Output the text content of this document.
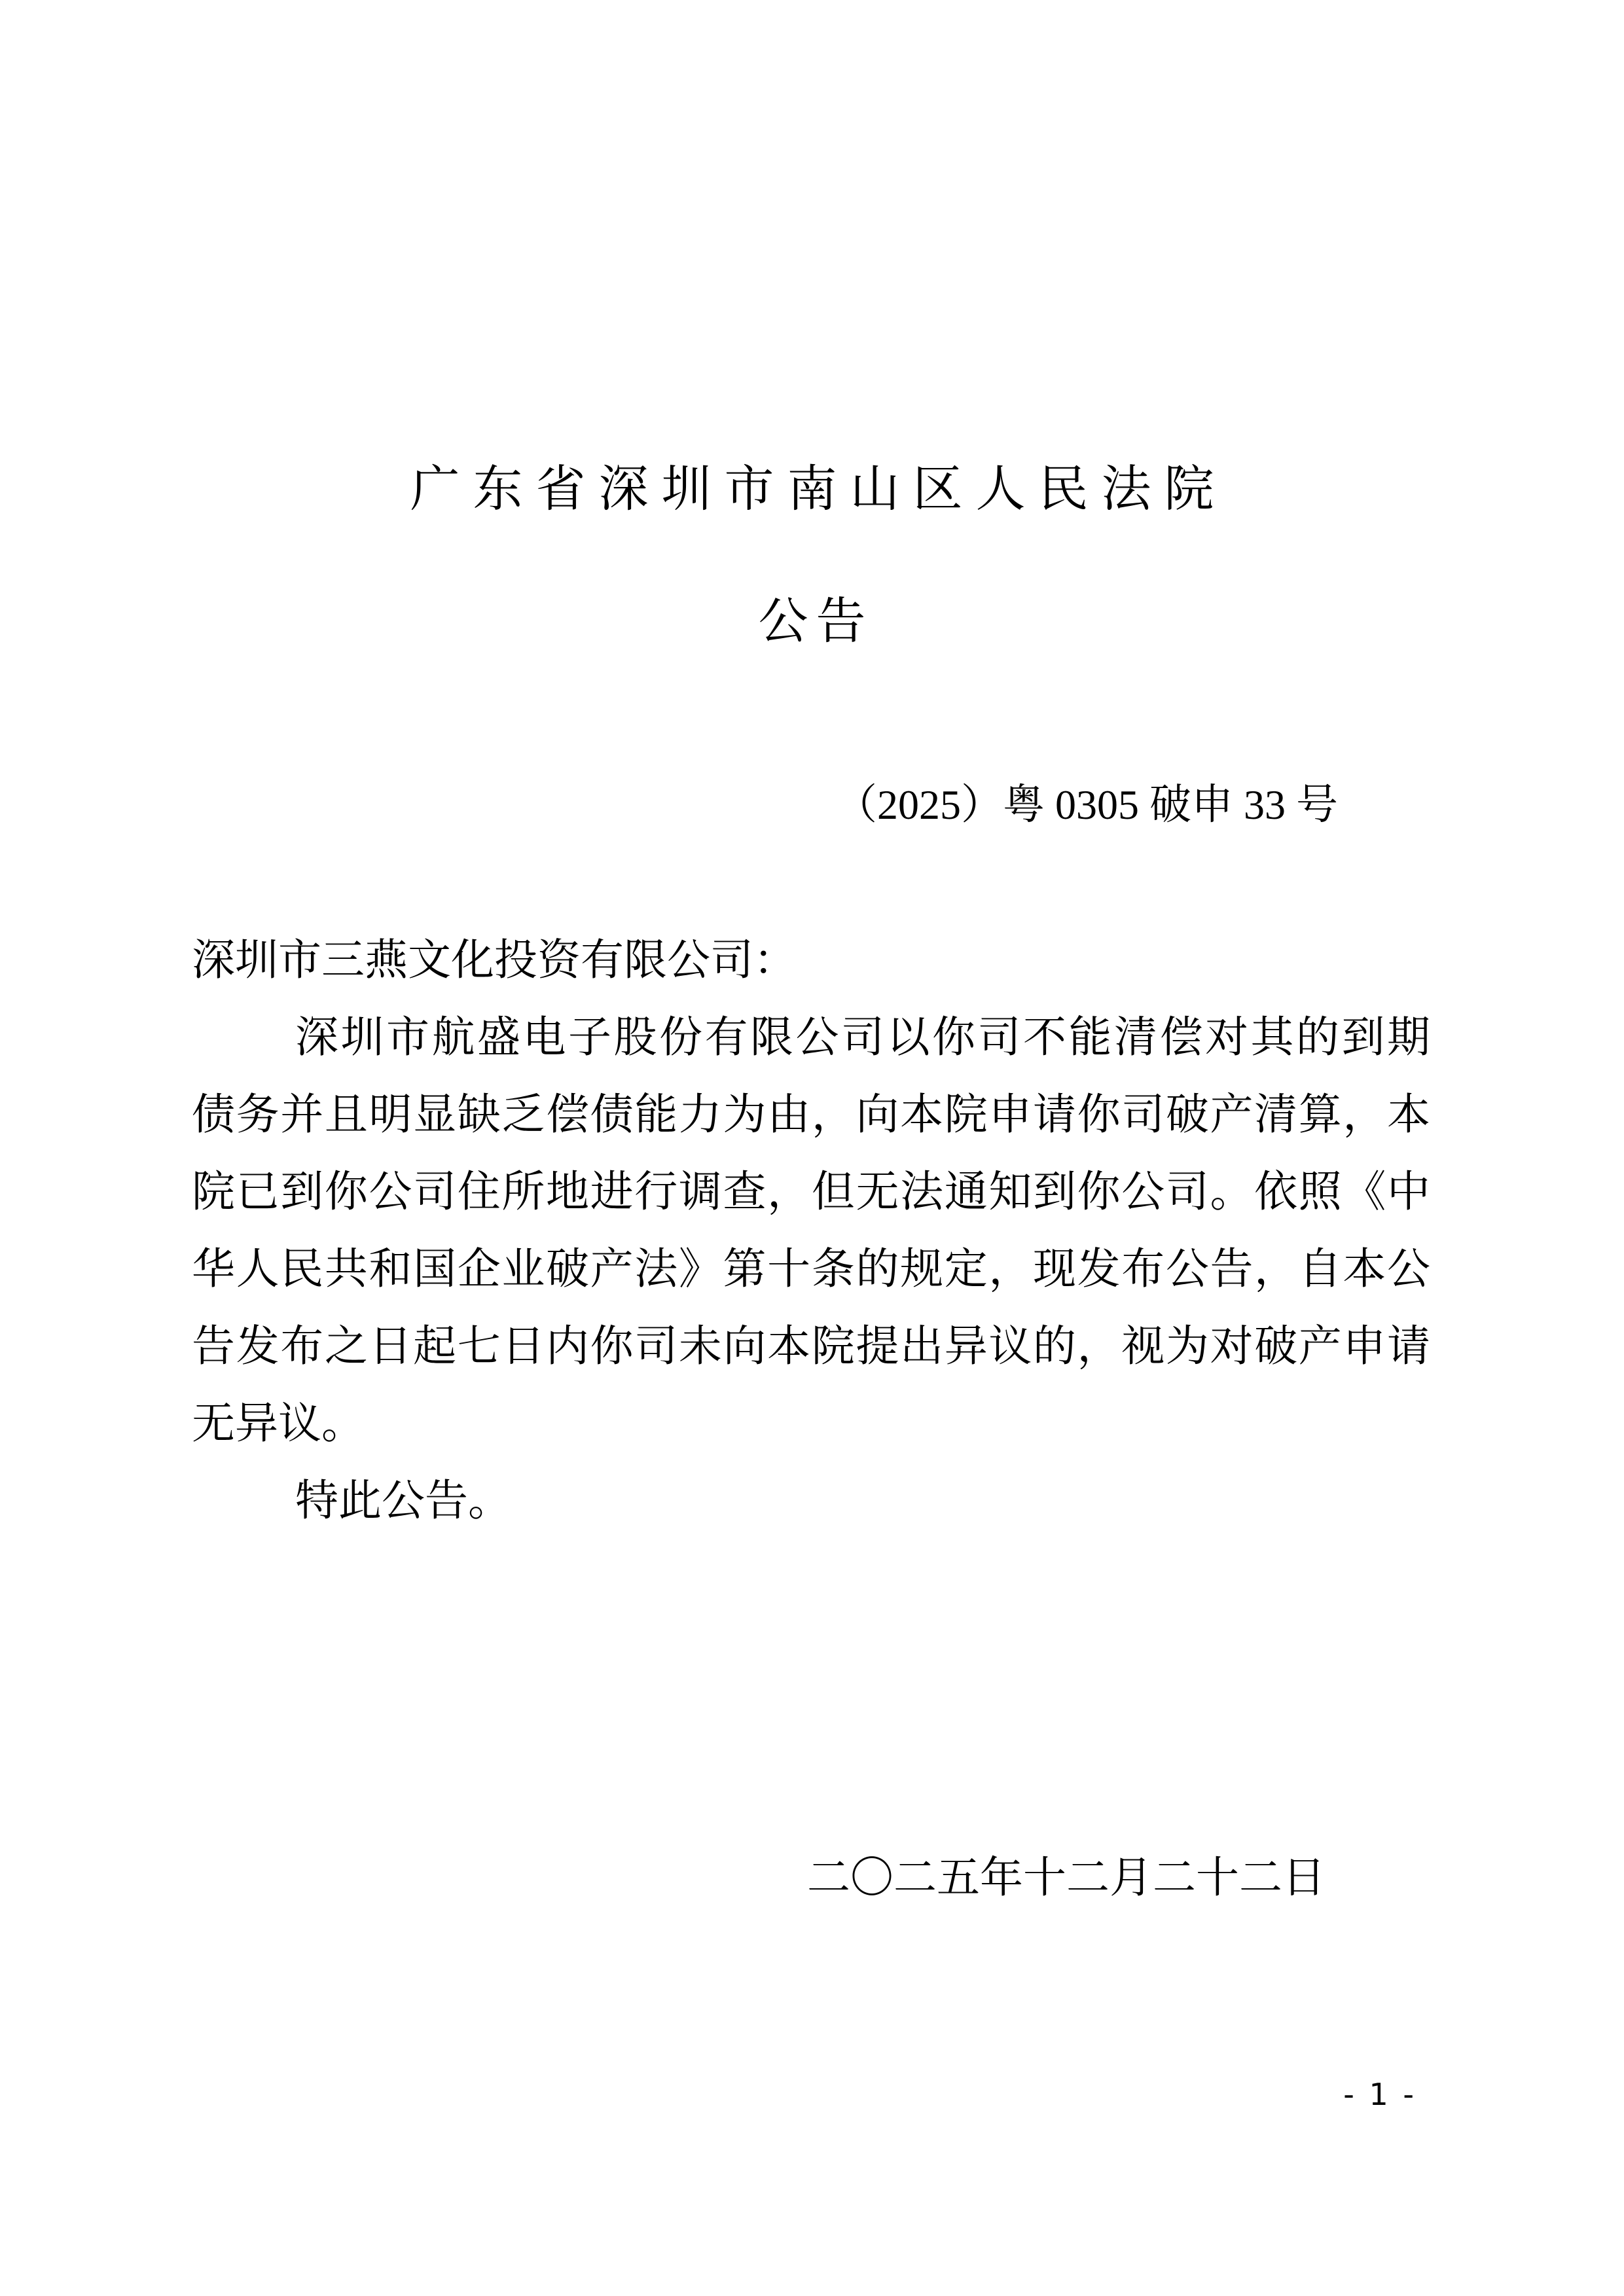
广东省深圳市南山区人民法院
公告
（2025）粤 0305 破申 33 号
深圳市三燕文化投资有限公司：
深圳市航盛电子股份有限公司以你司不能清偿对其的到期
债务并且明显缺乏偿债能力为由，向本院申请你司破产清算，本
院已到你公司住所地进行调查，但无法通知到你公司。依照《中
华人民共和国企业破产法》第十条的规定，现发布公告，自本公
告发布之日起七日内你司未向本院提出异议的，视为对破产申请
无异议。
特此公告。
二〇二五年十二月二十二日
- 1 -
